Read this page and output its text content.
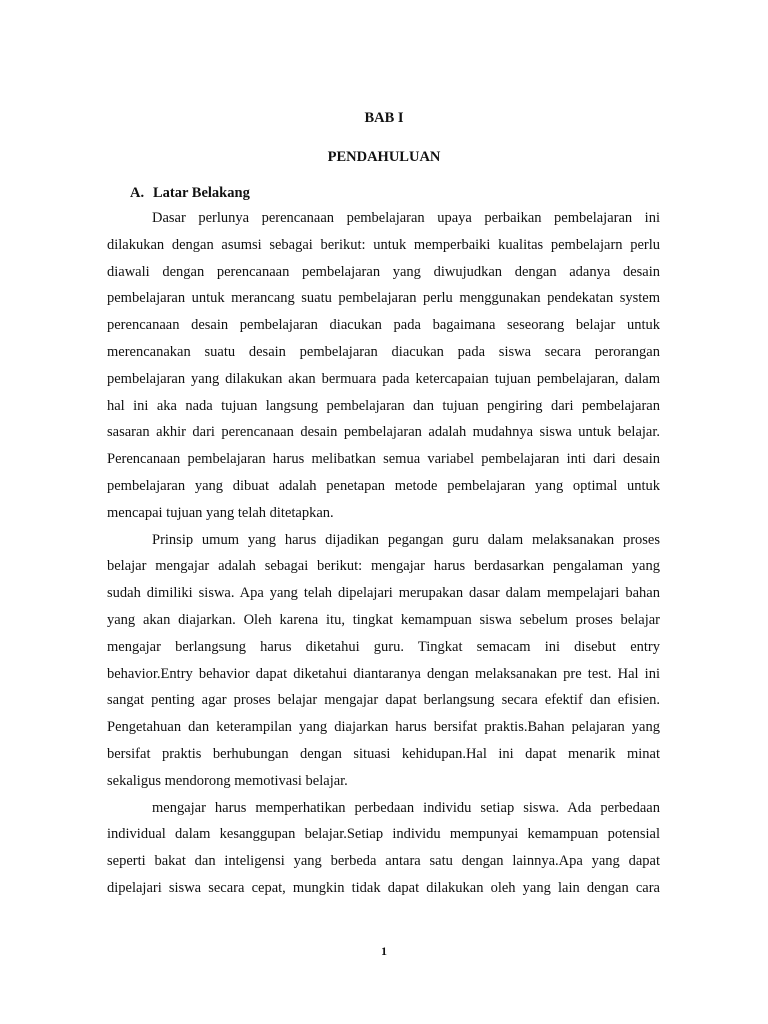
BAB I
PENDAHULUAN
A. Latar Belakang
Dasar perlunya perencanaan pembelajaran upaya perbaikan pembelajaran ini
dilakukan dengan asumsi sebagai berikut: untuk memperbaiki kualitas pembelajarn perlu
diawali dengan perencanaan pembelajaran yang diwujudkan dengan adanya desain
pembelajaran untuk merancang suatu pembelajaran perlu menggunakan pendekatan system
perencanaan desain pembelajaran diacukan pada bagaimana seseorang belajar untuk
merencanakan suatu desain pembelajaran diacukan pada siswa secara perorangan
pembelajaran yang dilakukan akan bermuara pada ketercapaian tujuan pembelajaran, dalam
hal ini aka nada tujuan langsung pembelajaran dan tujuan pengiring dari pembelajaran
sasaran akhir dari perencanaan desain pembelajaran adalah mudahnya siswa untuk belajar.
Perencanaan pembelajaran harus melibatkan semua variabel pembelajaran inti dari desain
pembelajaran yang dibuat adalah penetapan metode pembelajaran yang optimal untuk
mencapai tujuan yang telah ditetapkan.
Prinsip umum yang harus dijadikan pegangan guru dalam melaksanakan proses
belajar mengajar adalah sebagai berikut: mengajar harus berdasarkan pengalaman yang
sudah dimiliki siswa. Apa yang telah dipelajari merupakan dasar dalam mempelajari bahan
yang akan diajarkan. Oleh karena itu, tingkat kemampuan siswa sebelum proses belajar
mengajar berlangsung harus diketahui guru. Tingkat semacam ini disebut entry
behavior.Entry behavior dapat diketahui diantaranya dengan melaksanakan pre test. Hal ini
sangat penting agar proses belajar mengajar dapat berlangsung secara efektif dan efisien.
Pengetahuan dan keterampilan yang diajarkan harus bersifat praktis.Bahan pelajaran yang
bersifat praktis berhubungan dengan situasi kehidupan.Hal ini dapat menarik minat
sekaligus mendorong memotivasi belajar.
mengajar harus memperhatikan perbedaan individu setiap siswa. Ada perbedaan
individual dalam kesanggupan belajar.Setiap individu mempunyai kemampuan potensial
seperti bakat dan inteligensi yang berbeda antara satu dengan lainnya.Apa yang dapat
dipelajari siswa secara cepat, mungkin tidak dapat dilakukan oleh yang lain dengan cara
1
